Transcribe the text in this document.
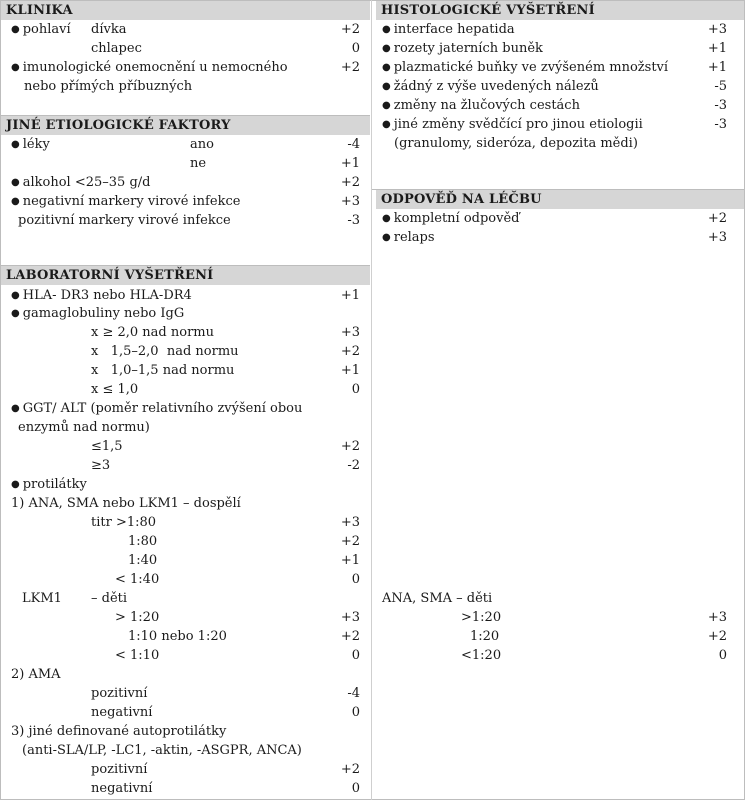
KLINIKA
● pohlaví dívka	+2
chlapec	0
● imunologické onemocnění u nemocného	+2
nebo přímých příbuzných
JINÉ ETIOLOGICKÉ FAKTORY
● léky	ano	-4
ne	+1
● alkohol <25–35 g/d	+2
● negativní markery virové infekce	+3
pozitivní markery virové infekce	-3
LABORATORNÍ VYŠETŘENÍ
● HLA- DR3 nebo HLA-DR4	+1
● gamaglobuliny nebo IgG
x ≥ 2,0 nad normu	+3
x   1,5–2,0  nad normu	+2
x   1,0–1,5 nad normu	+1
x ≤ 1,0	0
● GGT/ ALT (poměr relativního zvýšení obou
enzymů nad normu)
≤1,5	+2
≥3	-2
● protilátky
1) ANA, SMA nebo LKM1 – dospělí
titr >1:80	+3
1:80	+2
1:40	+1
< 1:40	0
LKM1 – děti
> 1:20	+3
1:10 nebo 1:20	+2
< 1:10	0
2) AMA
pozitivní	-4
negativní	0
3) jiné definované autoprotilátky
(anti-SLA/LP, -LC1, -aktin, -ASGPR, ANCA)
pozitivní	+2
negativní	0
HISTOLOGICKÉ VYŠETŘENÍ
● interface hepatida	+3
● rozety jaterních buněk	+1
● plazmatické buňky ve zvýšeném množství	+1
● žádný z výše uvedených nálezů	-5
● změny na žlučových cestách	-3
● jiné změny svědčící pro jinou etiologii	-3
(granulomy, sideróza, depozita mědi)
ODPOVĚĎ NA LÉČBU
● kompletní odpověď	+2
● relaps	+3
ANA, SMA – děti
>1:20	+3
1:20	+2
<1:20	0
